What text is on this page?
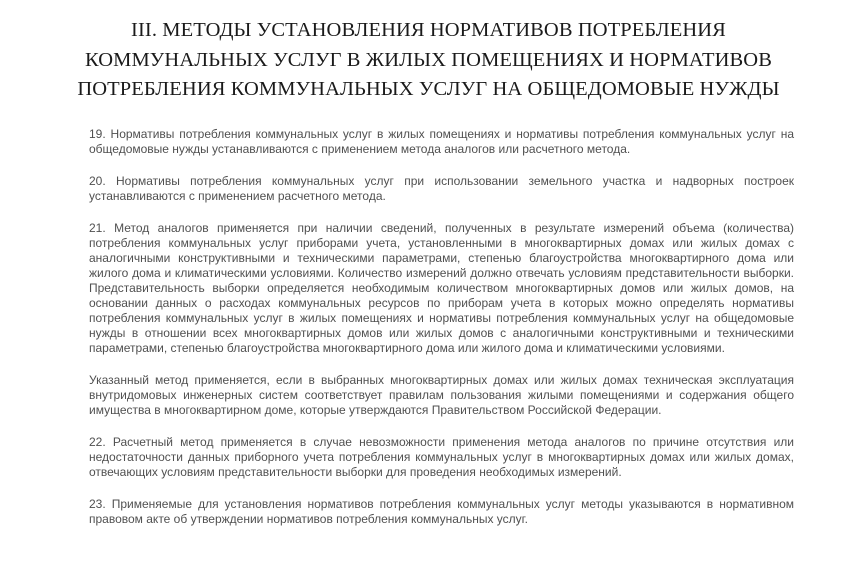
III. МЕТОДЫ УСТАНОВЛЕНИЯ НОРМАТИВОВ ПОТРЕБЛЕНИЯ КОММУНАЛЬНЫХ УСЛУГ В ЖИЛЫХ ПОМЕЩЕНИЯХ И НОРМАТИВОВ ПОТРЕБЛЕНИЯ КОММУНАЛЬНЫХ УСЛУГ НА ОБЩЕДОМОВЫЕ НУЖДЫ

19. Нормативы потребления коммунальных услуг в жилых помещениях и нормативы потребления коммунальных услуг на общедомовые нужды устанавливаются с применением метода аналогов или расчетного метода.

20. Нормативы потребления коммунальных услуг при использовании земельного участка и надворных построек устанавливаются с применением расчетного метода.

21. Метод аналогов применяется при наличии сведений, полученных в результате измерений объема (количества) потребления коммунальных услуг приборами учета, установленными в многоквартирных домах или жилых домах с аналогичными конструктивными и техническими параметрами, степенью благоустройства многоквартирного дома или жилого дома и климатическими условиями. Количество измерений должно отвечать условиям представительности выборки. Представительность выборки определяется необходимым количеством многоквартирных домов или жилых домов, на основании данных о расходах коммунальных ресурсов по приборам учета в которых можно определять нормативы потребления коммунальных услуг в жилых помещениях и нормативы потребления коммунальных услуг на общедомовые нужды в отношении всех многоквартирных домов или жилых домов с аналогичными конструктивными и техническими параметрами, степенью благоустройства многоквартирного дома или жилого дома и климатическими условиями.

Указанный метод применяется, если в выбранных многоквартирных домах или жилых домах техническая эксплуатация внутридомовых инженерных систем соответствует правилам пользования жилыми помещениями и содержания общего имущества в многоквартирном доме, которые утверждаются Правительством Российской Федерации.

22. Расчетный метод применяется в случае невозможности применения метода аналогов по причине отсутствия или недостаточности данных приборного учета потребления коммунальных услуг в многоквартирных домах или жилых домах, отвечающих условиям представительности выборки для проведения необходимых измерений.

23. Применяемые для установления нормативов потребления коммунальных услуг методы указываются в нормативном правовом акте об утверждении нормативов потребления коммунальных услуг.
